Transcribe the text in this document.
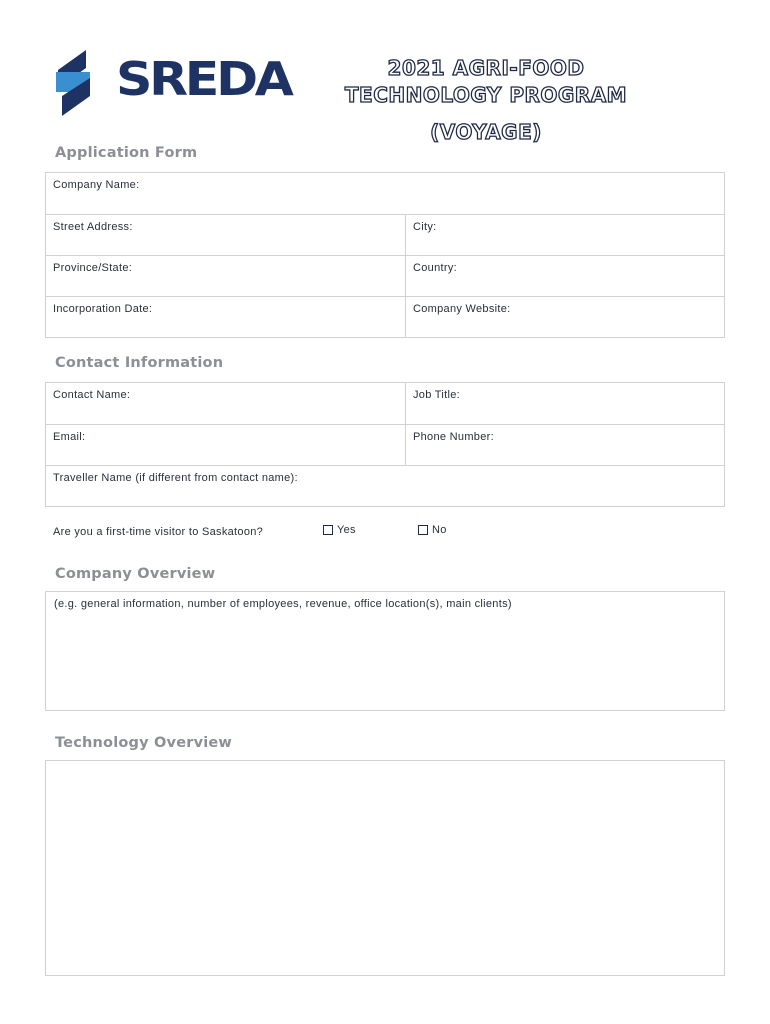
SREDA	2021 AGRI-FOOD
TECHNOLOGY PROGRAM
(VOYAGE)
Application Form
Company Name:
Street Address:	City:
Province/State:	Country:
Incorporation Date:	Company Website:
Contact Information
Contact Name:	Job Title:
Email:	Phone Number:
Traveller Name (if different from contact name):
Are you a first-time visitor to Saskatoon?	Yes	No
Company Overview
(e.g. general information, number of employees, revenue, office location(s), main clients)
Technology Overview
